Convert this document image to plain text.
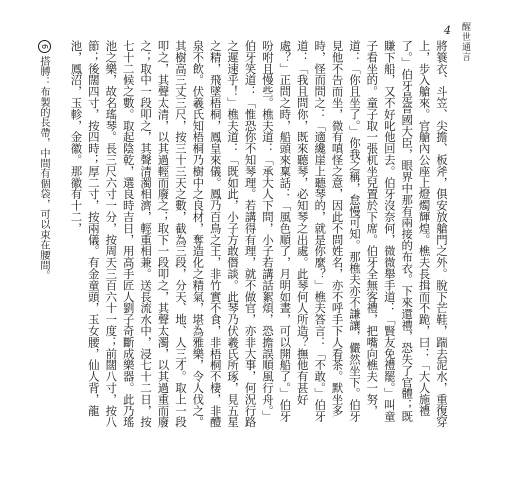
4 醒世通言

將簑衣、斗笠、尖擔、板斧，俱安放艙門之外。脫下芒鞋，踹去泥水，重復穿上，步入艙來。官艙內公座上燈燭輝煌。樵夫長揖而不跪，曰：「大人施禮了。」伯牙是晉國大臣，眼界中那有兩接的布衣。下來還禮，恐失了官體；既賺下船，又不好叱他回去。伯牙沒奈何，微微舉手道：「賢友免禮罷。」叫童子看坐的。童子取一張杌坐兒置於下席。伯牙全無客禮，把嘴向樵夫一努，道：「你且坐了。」你我之稱，怠慢可知。那樵夫亦不謙讓，儼然坐下。伯牙見他不告而坐，微有嗔怪之意，因此不問姓名，亦不呼手下人看茶。默坐多時，怪而問之：「適纔崖上聽琴的，就是你麼？」樵夫答言：「不敢。」伯牙道：「我且問你，既來聽琴，必知琴之出處。此琴何人所造？撫他有甚好處？」正問之時，船頭來稟話：「風色順了，月明如晝，可以開船了。」伯牙吩咐且慢些。樵夫道：「承大人下問，小子若講話絮煩，恐擔誤順風行舟。」伯牙笑道：「惟恐你不知琴理。若講得有理，就不做官，亦非大事，何況行路之遲速乎！」樵夫道：「既如此，小子方敢僭談。此琴乃伏羲氏所琢，見五星之精，飛墜梧桐，鳳皇來儀。鳳乃百鳥之王，非竹實不食，非梧桐不棲，非醴泉不飲。伏羲氏知梧桐乃樹中之良材，奪造化之精氣，堪為雅樂，令人伐之。其樹高三丈三尺，按三十三天之數，截為三段，分天、地、人三才。取上一段叩之，其聲太清，以其過輕而廢之；取下一段叩之，其聲太濁，以其過重而廢之；取中一段叩之，其聲清濁相濟，輕重相兼。送長流水中，浸七十二日，按七十二候之數。取起陰乾，選良時吉日，用高手匠人劉子奇斷成樂器。此乃瑤池之樂，故名瑤琴。長三尺六寸一分，按周天三百六十一度；前闊八寸，按八節；後闊四寸，按四時；厚二寸，按兩儀。有金童頭，玉女腰，仙人背，龍池，鳳沼，玉軫，金徽。那徽有十二，

6
搭膊：布製的長帶，中間有個袋，可以束在腰間。
